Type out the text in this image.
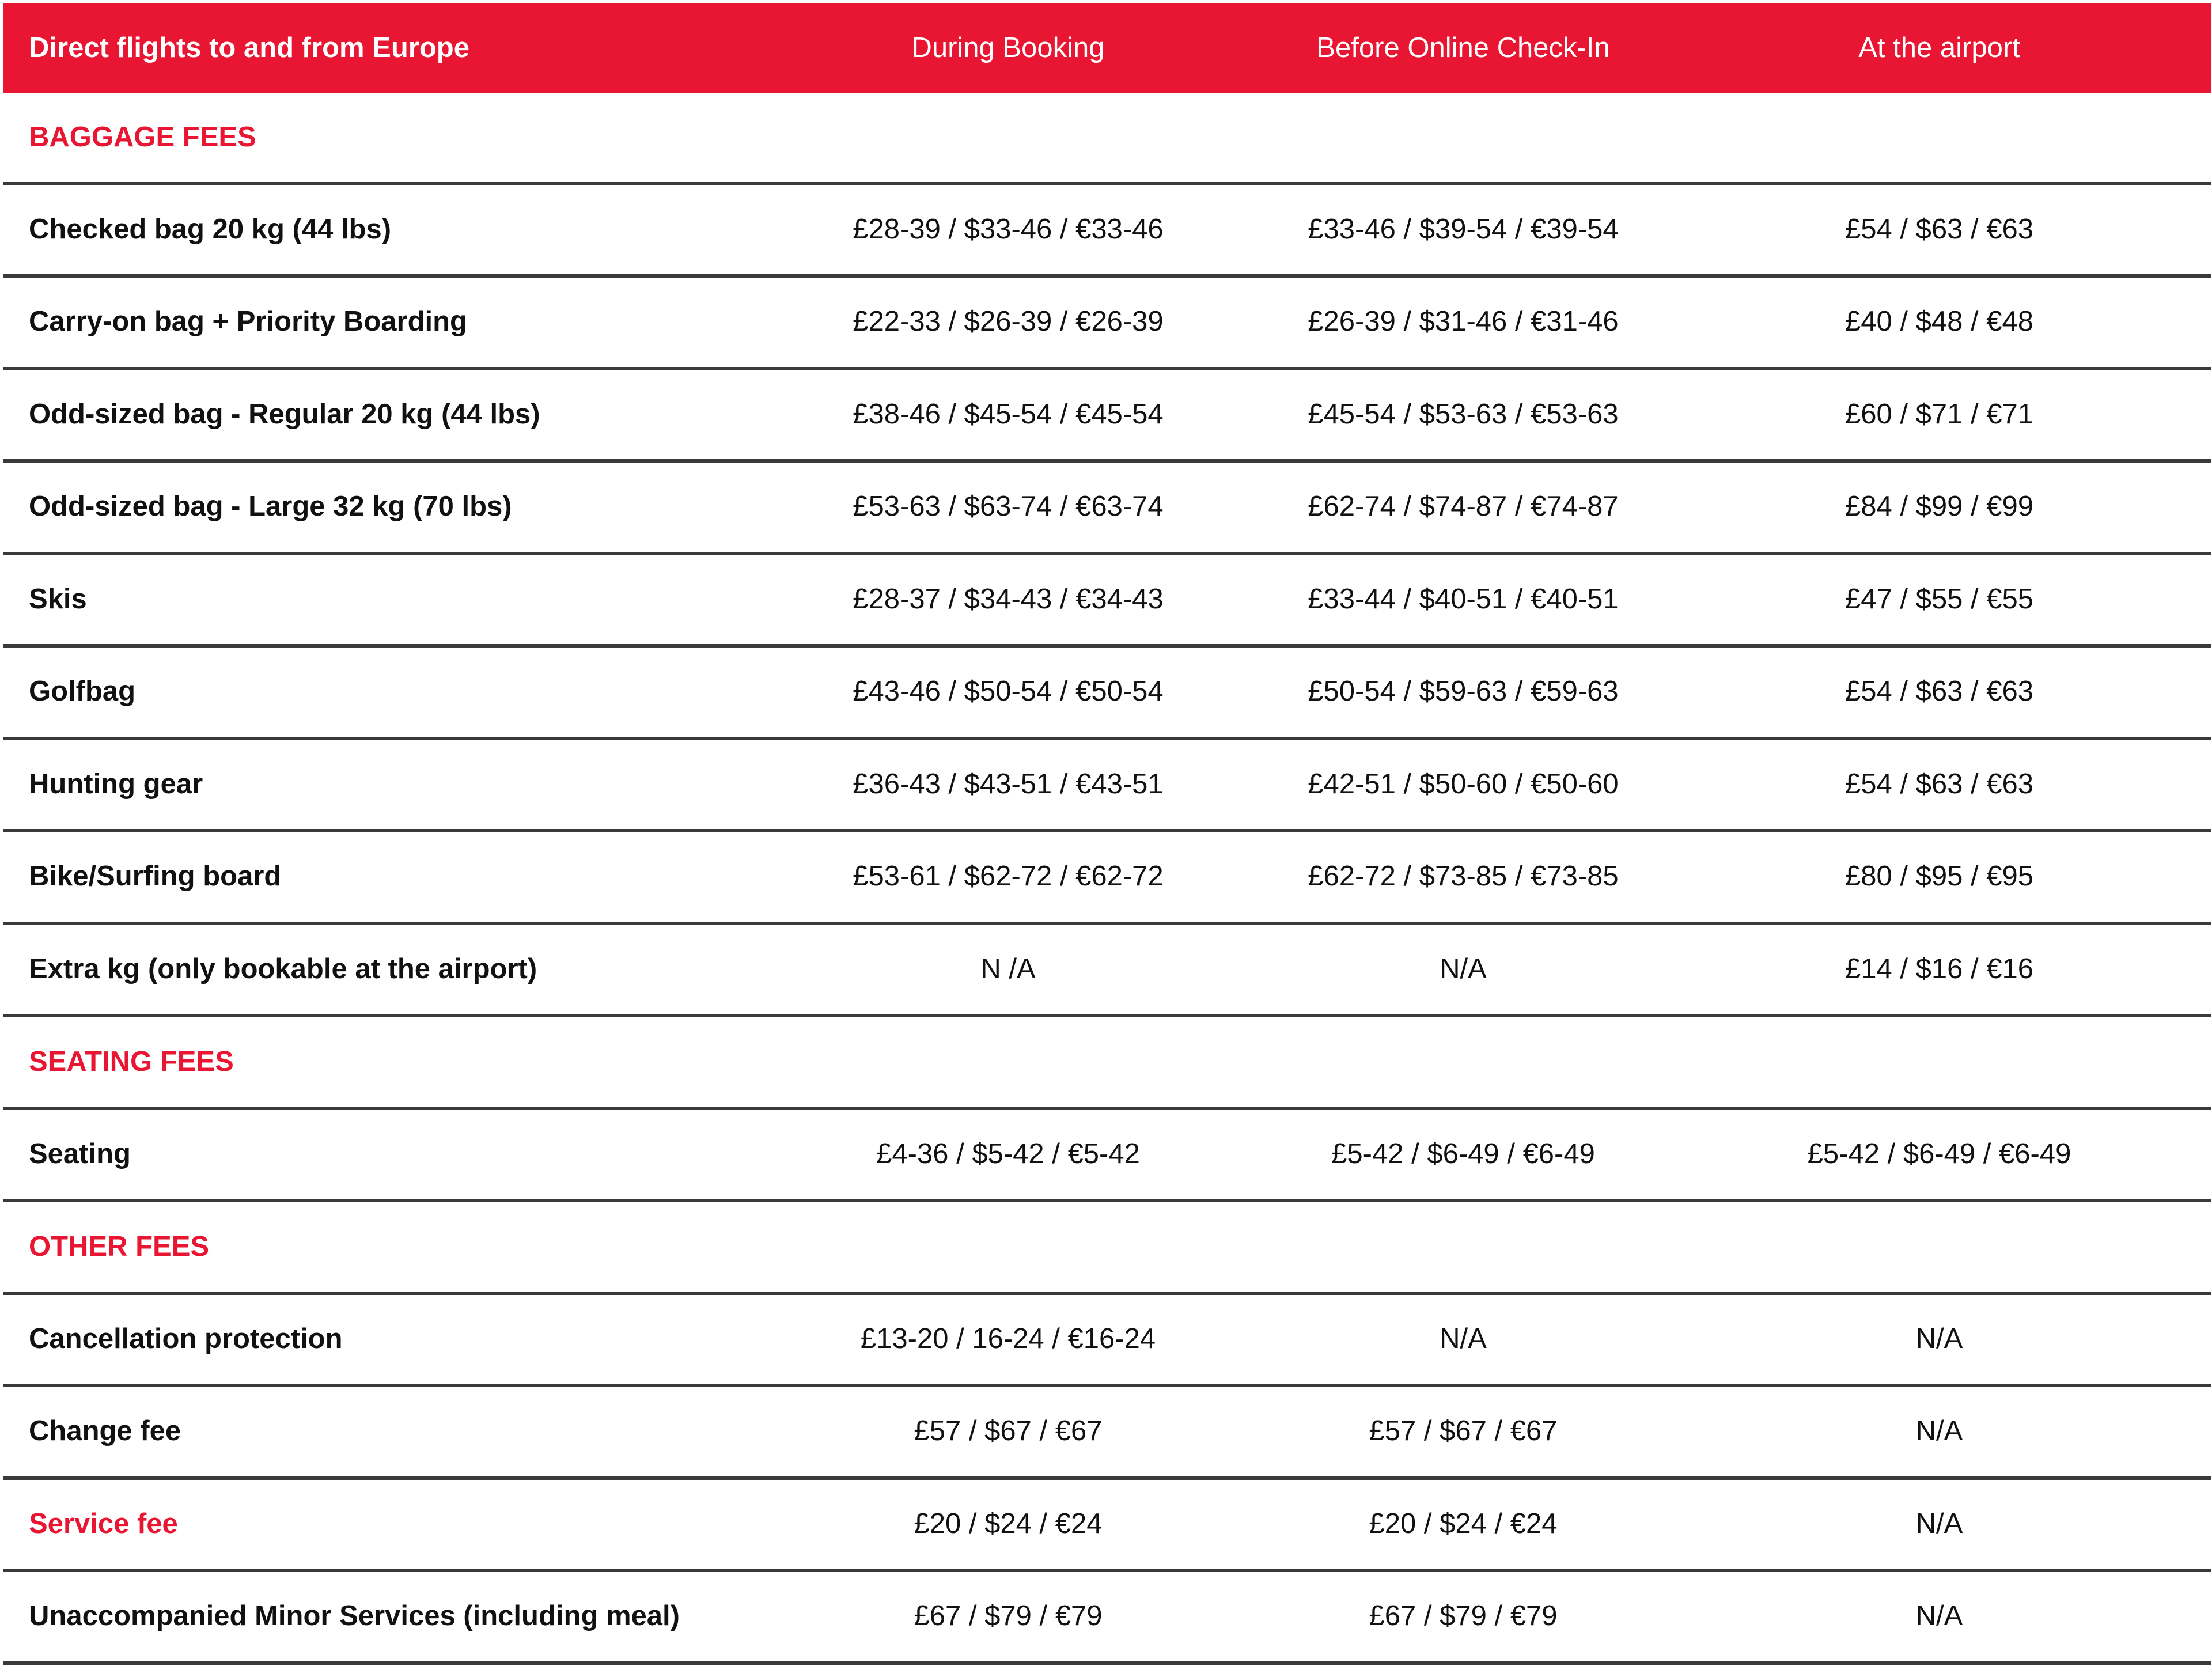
Direct flights to and from Europe	During Booking	Before Online Check-In	At the airport
BAGGAGE FEES
Checked bag 20 kg (44 lbs)	£28-39 / $33-46 / €33-46	£33-46 / $39-54 / €39-54	£54 / $63 / €63
Carry-on bag + Priority Boarding	£22-33 / $26-39 / €26-39	£26-39 / $31-46 / €31-46	£40 / $48 / €48
Odd-sized bag - Regular 20 kg (44 lbs)	£38-46 / $45-54 / €45-54	£45-54 / $53-63 / €53-63	£60 / $71 / €71
Odd-sized bag - Large 32 kg (70 lbs)	£53-63 / $63-74 / €63-74	£62-74 / $74-87 / €74-87	£84 / $99 / €99
Skis	£28-37 / $34-43 / €34-43	£33-44 / $40-51 / €40-51	£47 / $55 / €55
Golfbag	£43-46 / $50-54 / €50-54	£50-54 / $59-63 / €59-63	£54 / $63 / €63
Hunting gear	£36-43 / $43-51 / €43-51	£42-51 / $50-60 / €50-60	£54 / $63 / €63
Bike/Surfing board	£53-61 / $62-72 / €62-72	£62-72 / $73-85 / €73-85	£80 / $95 / €95
Extra kg (only bookable at the airport)	N /A	N/A	£14 / $16 / €16
SEATING FEES
Seating	£4-36 / $5-42 / €5-42	£5-42 / $6-49 / €6-49	£5-42 / $6-49 / €6-49
OTHER FEES
Cancellation protection	£13-20 / 16-24 / €16-24	N/A	N/A
Change fee	£57 / $67 / €67	£57 / $67 / €67	N/A
Service fee	£20 / $24 / €24	£20 / $24 / €24	N/A
Unaccompanied Minor Services (including meal)	£67 / $79 / €79	£67 / $79 / €79	N/A
